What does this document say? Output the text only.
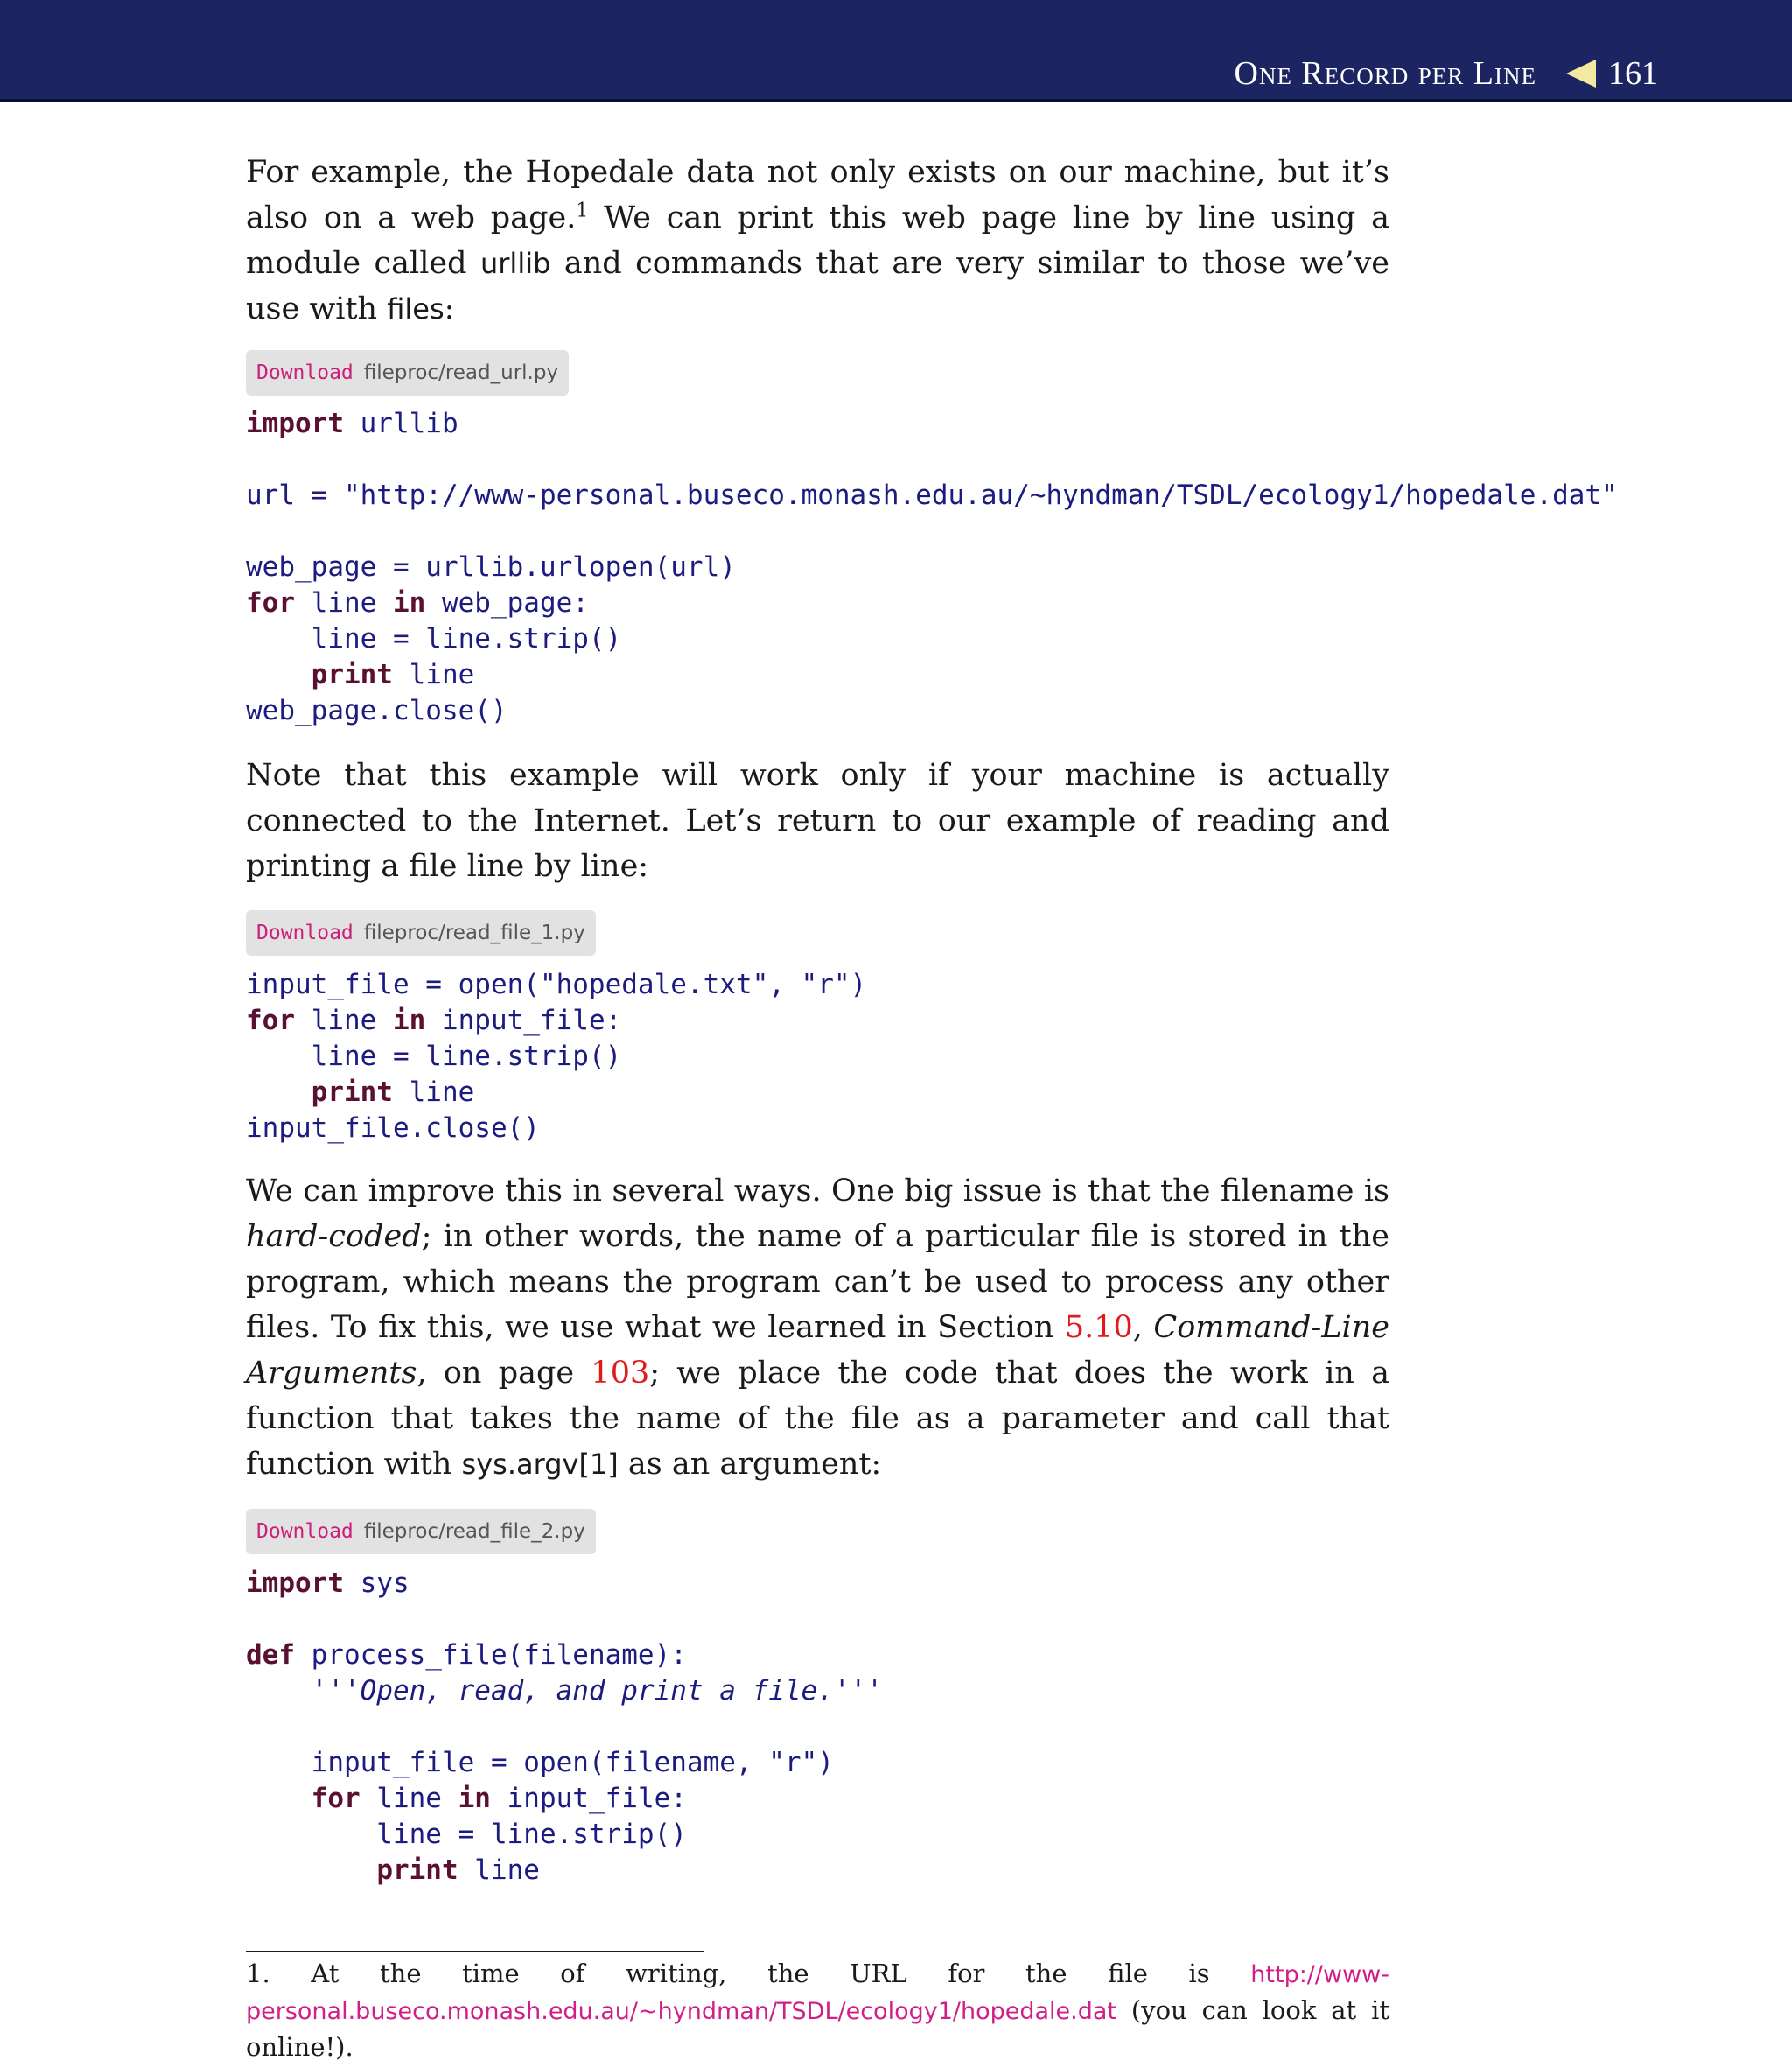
One Record per Line 161

For example, the Hopedale data not only exists on our machine, but it’s also on a web page.$^1$ We can print this web page line by line using a module called urllib and commands that are very similar to those we’ve use with files:

Download fileproc/read_url.py
import urllib

url = "http://www-personal.buseco.monash.edu.au/~hyndman/TSDL/ecology1/hopedale.dat"

web_page = urllib.urlopen(url)
for line in web_page:
line = line.strip()
print line
web_page.close()

Note that this example will work only if your machine is actually connected to the Internet. Let’s return to our example of reading and printing a file line by line:

Download fileproc/read_file_1.py
input_file = open("hopedale.txt", "r")
for line in input_file:
line = line.strip()
print line
input_file.close()

We can improve this in several ways. One big issue is that the filename is hard-coded; in other words, the name of a particular file is stored in the program, which means the program can’t be used to process any other files. To fix this, we use what we learned in Section 5.10, Command-Line Arguments, on page 103; we place the code that does the work in a function that takes the name of the file as a parameter and call that function with sys.argv[1] as an argument:

Download fileproc/read_file_2.py
import sys

def process_file(filename):
'''Open, read, and print a file.'''

input_file = open(filename, "r")
for line in input_file:
line = line.strip()
print line

1. At the time of writing, the URL for the file is http://www-personal.buseco.monash.edu.au/~hyndman/TSDL/ecology1/hopedale.dat (you can look at it online!).
